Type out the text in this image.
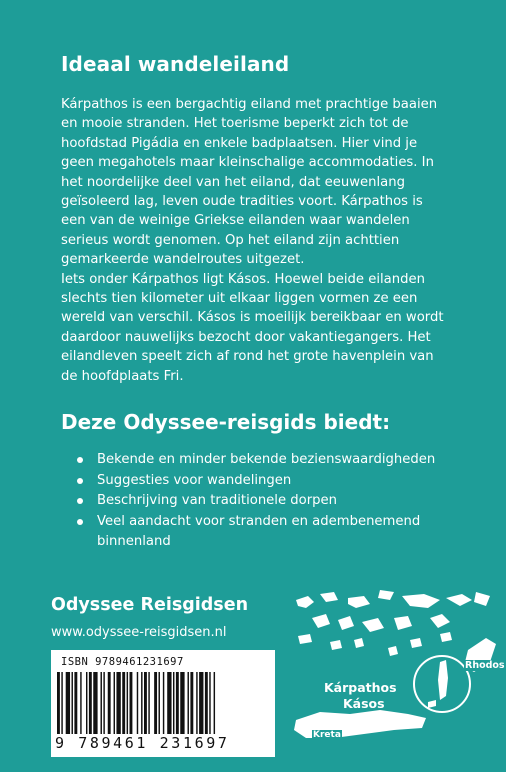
Ideaal wandeleiland

Kárpathos is een bergachtig eiland met prachtige baaien en mooie stranden. Het toerisme beperkt zich tot de hoofdstad Pigádia en enkele badplaatsen. Hier vind je geen megahotels maar kleinschalige accommodaties. In het noordelijke deel van het eiland, dat eeuwenlang geïsoleerd lag, leven oude tradities voort. Kárpathos is een van de weinige Griekse eilanden waar wandelen serieus wordt genomen. Op het eiland zijn achttien gemarkeerde wandelroutes uitgezet.

Iets onder Kárpathos ligt Kásos. Hoewel beide eilanden slechts tien kilometer uit elkaar liggen vormen ze een wereld van verschil. Kásos is moeilijk bereikbaar en wordt daardoor nauwelijks bezocht door vakantiegangers. Het eilandleven speelt zich af rond het grote havenplein van de hoofdplaats Fri.

Deze Odyssee-reisgids biedt:
Bekende en minder bekende bezienswaardigheden
Suggesties voor wandelingen
Beschrijving van traditionele dorpen
Veel aandacht voor stranden en adembenemend binnenland
Odyssee Reisgidsen
www.odyssee-reisgidsen.nl
ISBN 9789461231697
9 789461 231697
Rhodos
Kárpathos
Kásos
Kreta
